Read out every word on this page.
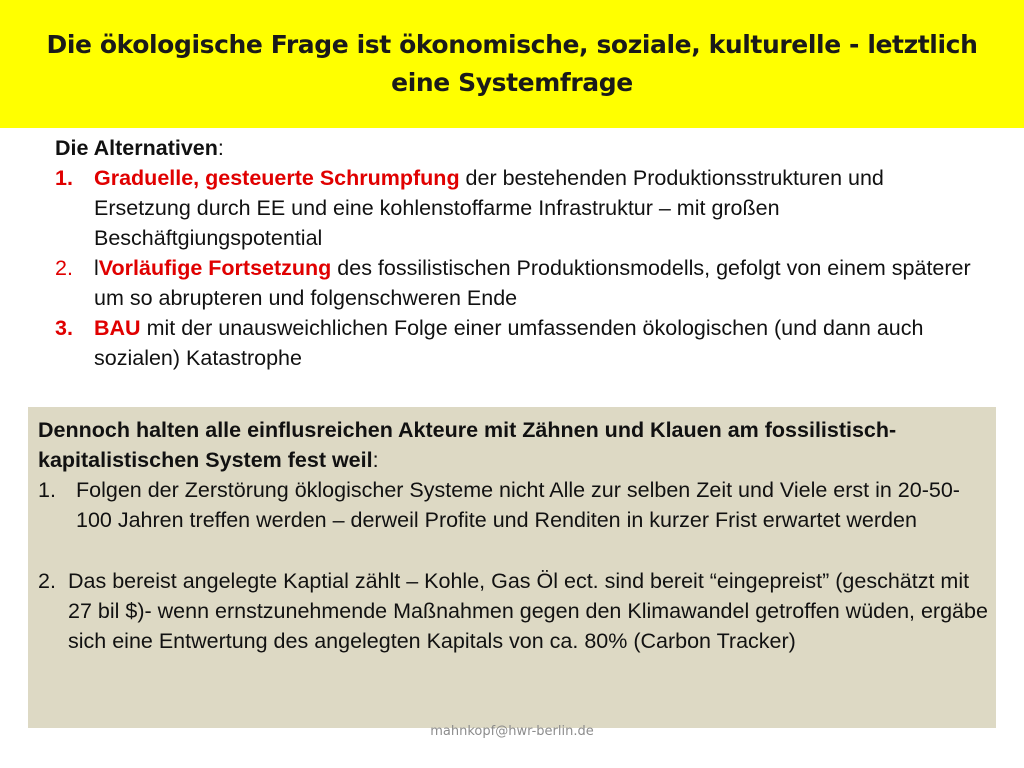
Die ökologische Frage ist ökonomische, soziale, kulturelle - letztlich eine Systemfrage
Die Alternativen:
1. Graduelle, gesteuerte Schrumpfung der bestehenden Produktionsstrukturen und Ersetzung durch EE und eine kohlenstoffarme Infrastruktur – mit großen Beschäftgiungspotential
2. lVorläufige Fortsetzung des fossilistischen Produktionsmodells, gefolgt von einem späterer um so abrupteren und folgenschweren Ende
3. BAU mit der unausweichlichen Folge einer umfassenden ökologischen (und dann auch sozialen) Katastrophe
Dennoch halten alle einflusreichen Akteure mit Zähnen und Klauen am fossilistisch-kapitalistischen System fest weil:
1. Folgen der Zerstörung öklogischer Systeme nicht Alle zur selben Zeit und Viele erst in 20-50-100 Jahren treffen werden – derweil Profite und Renditen in kurzer Frist erwartet werden
2. Das bereist angelegte Kaptial zählt – Kohle, Gas Öl ect. sind bereit “eingepreist” (geschätzt mit 27 bil $)- wenn ernstzunehmende Maßnahmen gegen den Klimawandel getroffen wüden, ergäbe sich eine Entwertung des angelegten Kapitals von ca. 80% (Carbon Tracker)
mahnkopf@hwr-berlin.de
